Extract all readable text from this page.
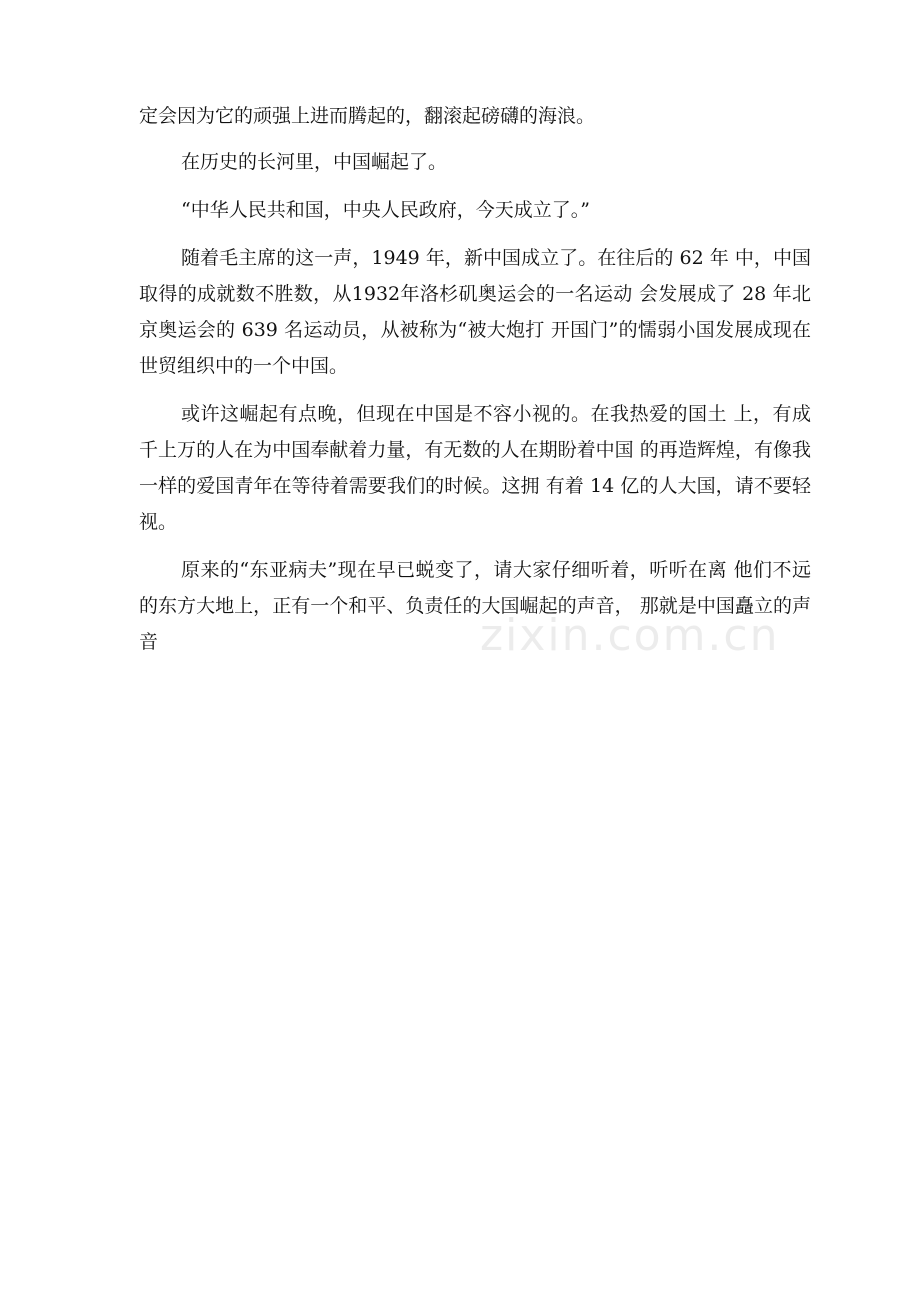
定会因为它的顽强上进而腾起的，翻滚起磅礴的海浪。

在历史的长河里，中国崛起了。

“中华人民共和国，中央人民政府，今天成立了。”

随着毛主席的这一声，1949 年，新中国成立了。在往后的 62 年 中，中国取得的成就数不胜数，从1932年洛杉矶奥运会的一名运动 会发展成了 28 年北京奥运会的 639 名运动员，从被称为“被大炮打 开国门”的懦弱小国发展成现在世贸组织中的一个中国。

或许这崛起有点晚，但现在中国是不容小视的。在我热爱的国土 上，有成千上万的人在为中国奉献着力量，有无数的人在期盼着中国 的再造辉煌，有像我一样的爱国青年在等待着需要我们的时候。这拥 有着 14 亿的人大国，请不要轻视。

原来的“东亚病夫”现在早已蜕变了，请大家仔细听着，听听在离 他们不远的东方大地上，正有一个和平、负责任的大国崛起的声音， 那就是中国矗立的声音	zixin.com.cn
